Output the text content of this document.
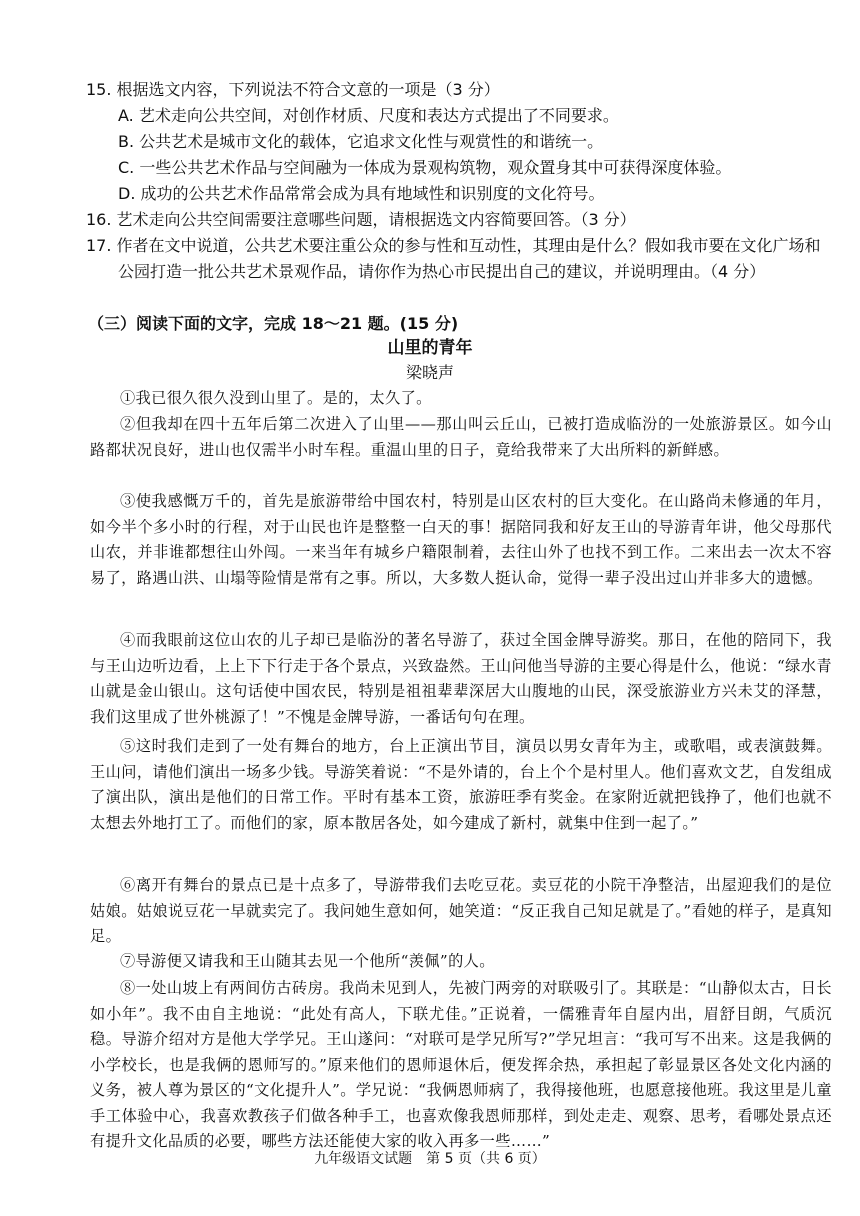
15. 根据选文内容，下列说法不符合文意的一项是（3 分）
A. 艺术走向公共空间，对创作材质、尺度和表达方式提出了不同要求。
B. 公共艺术是城市文化的载体，它追求文化性与观赏性的和谐统一。
C. 一些公共艺术作品与空间融为一体成为景观构筑物，观众置身其中可获得深度体验。
D. 成功的公共艺术作品常常会成为具有地域性和识别度的文化符号。
16. 艺术走向公共空间需要注意哪些问题，请根据选文内容简要回答。（3 分）
17. 作者在文中说道，公共艺术要注重公众的参与性和互动性，其理由是什么？假如我市要在文化广场和公园打造一批公共艺术景观作品，请你作为热心市民提出自己的建议，并说明理由。（4 分）
（三）阅读下面的文字，完成 18～21 题。(15 分)
山里的青年
梁晓声
①我已很久很久没到山里了。是的，太久了。
②但我却在四十五年后第二次进入了山里——那山叫云丘山，已被打造成临汾的一处旅游景区。如今山路都状况良好，进山也仅需半小时车程。重温山里的日子，竟给我带来了大出所料的新鲜感。
③使我感慨万千的，首先是旅游带给中国农村，特别是山区农村的巨大变化。在山路尚未修通的年月，如今半个多小时的行程，对于山民也许是整整一白天的事！据陪同我和好友王山的导游青年讲，他父母那代山农，并非谁都想往山外闯。一来当年有城乡户籍限制着，去往山外了也找不到工作。二来出去一次太不容易了，路遇山洪、山塌等险情是常有之事。所以，大多数人挺认命，觉得一辈子没出过山并非多大的遗憾。
④而我眼前这位山农的儿子却已是临汾的著名导游了，获过全国金牌导游奖。那日，在他的陪同下，我与王山边听边看，上上下下行走于各个景点，兴致盎然。王山问他当导游的主要心得是什么，他说：“绿水青山就是金山银山。这句话使中国农民，特别是祖祖辈辈深居大山腹地的山民，深受旅游业方兴未艾的泽慧，我们这里成了世外桃源了！”不愧是金牌导游，一番话句句在理。
⑤这时我们走到了一处有舞台的地方，台上正演出节目，演员以男女青年为主，或歌唱，或表演鼓舞。王山问，请他们演出一场多少钱。导游笑着说：“不是外请的，台上个个是村里人。他们喜欢文艺，自发组成了演出队，演出是他们的日常工作。平时有基本工资，旅游旺季有奖金。在家附近就把钱挣了，他们也就不太想去外地打工了。而他们的家，原本散居各处，如今建成了新村，就集中住到一起了。”
⑥离开有舞台的景点已是十点多了，导游带我们去吃豆花。卖豆花的小院干净整洁，出屋迎我们的是位姑娘。姑娘说豆花一早就卖完了。我问她生意如何，她笑道：“反正我自己知足就是了。”看她的样子，是真知足。
⑦导游便又请我和王山随其去见一个他所“羡佩”的人。
⑧一处山坡上有两间仿古砖房。我尚未见到人，先被门两旁的对联吸引了。其联是：“山静似太古，日长如小年”。我不由自主地说：“此处有高人，下联尤佳。”正说着，一儒雅青年自屋内出，眉舒目朗，气质沉稳。导游介绍对方是他大学学兄。王山遂问：“对联可是学兄所写?”学兄坦言：“我可写不出来。这是我俩的小学校长，也是我俩的恩师写的。”原来他们的恩师退休后，便发挥余热，承担起了彰显景区各处文化内涵的义务，被人尊为景区的“文化提升人”。学兄说：“我俩恩师病了，我得接他班，也愿意接他班。我这里是儿童手工体验中心，我喜欢教孩子们做各种手工，也喜欢像我恩师那样，到处走走、观察、思考，看哪处景点还有提升文化品质的必要，哪些方法还能使大家的收入再多一些……”
九年级语文试题　第 5 页（共 6 页）
